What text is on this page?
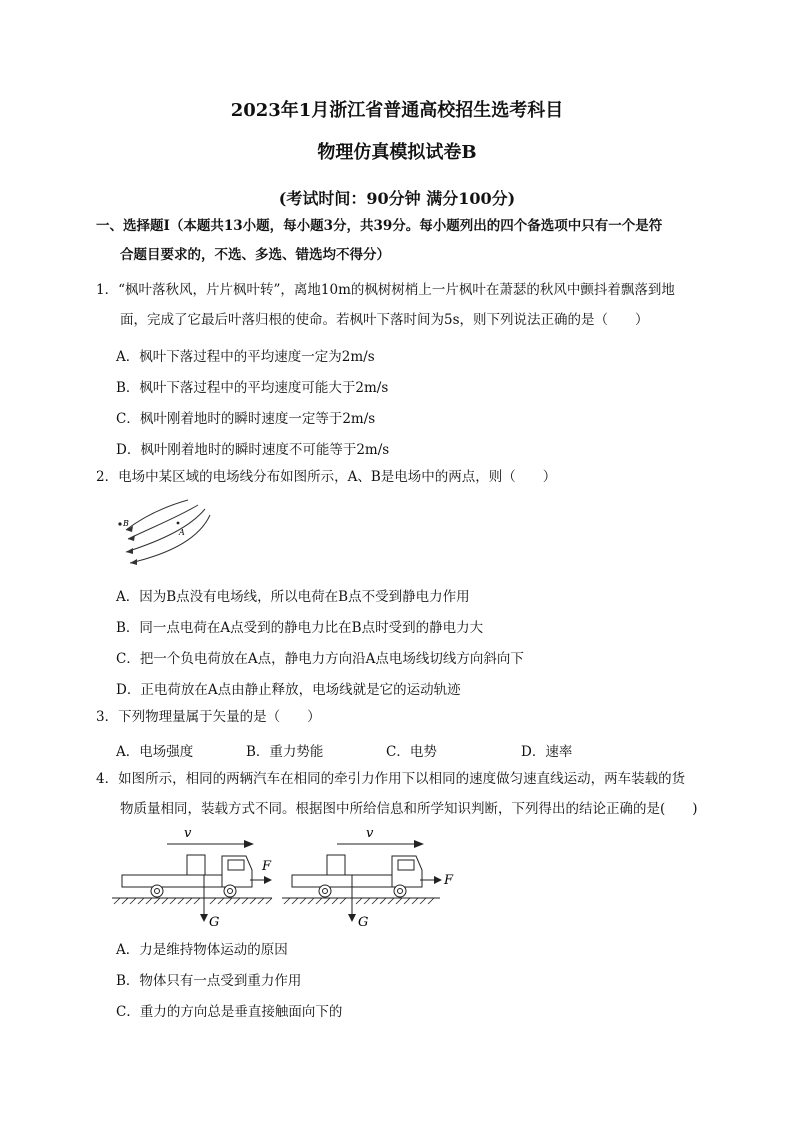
2023年1月浙江省普通高校招生选考科目
物理仿真模拟试卷B
(考试时间：90分钟 满分100分)
一、选择题Ⅰ（本题共13小题，每小题3分，共39分。每小题列出的四个备选项中只有一个是符
合题目要求的，不选、多选、错选均不得分）
1．“枫叶落秋风，片片枫叶转”，离地10m的枫树树梢上一片枫叶在萧瑟的秋风中颤抖着飘落到地
面，完成了它最后叶落归根的使命。若枫叶下落时间为5s，则下列说法正确的是（　　）
A．枫叶下落过程中的平均速度一定为2m/s
B．枫叶下落过程中的平均速度可能大于2m/s
C．枫叶刚着地时的瞬时速度一定等于2m/s
D．枫叶刚着地时的瞬时速度不可能等于2m/s
2．电场中某区域的电场线分布如图所示，A、B是电场中的两点，则（　　）
B
A
A．因为B点没有电场线，所以电荷在B点不受到静电力作用
B．同一点电荷在A点受到的静电力比在B点时受到的静电力大
C．把一个负电荷放在A点，静电力方向沿A点电场线切线方向斜向下
D．正电荷放在A点由静止释放，电场线就是它的运动轨迹
3．下列物理量属于矢量的是（　　）
A．电场强度	B．重力势能	C．电势	D．速率
4．如图所示，相同的两辆汽车在相同的牵引力作用下以相同的速度做匀速直线运动，两车装载的货
物质量相同，装载方式不同。根据图中所给信息和所学知识判断，下列得出的结论正确的是(　　)
v
F
G
v
F
G
A．力是维持物体运动的原因
B．物体只有一点受到重力作用
C．重力的方向总是垂直接触面向下的
